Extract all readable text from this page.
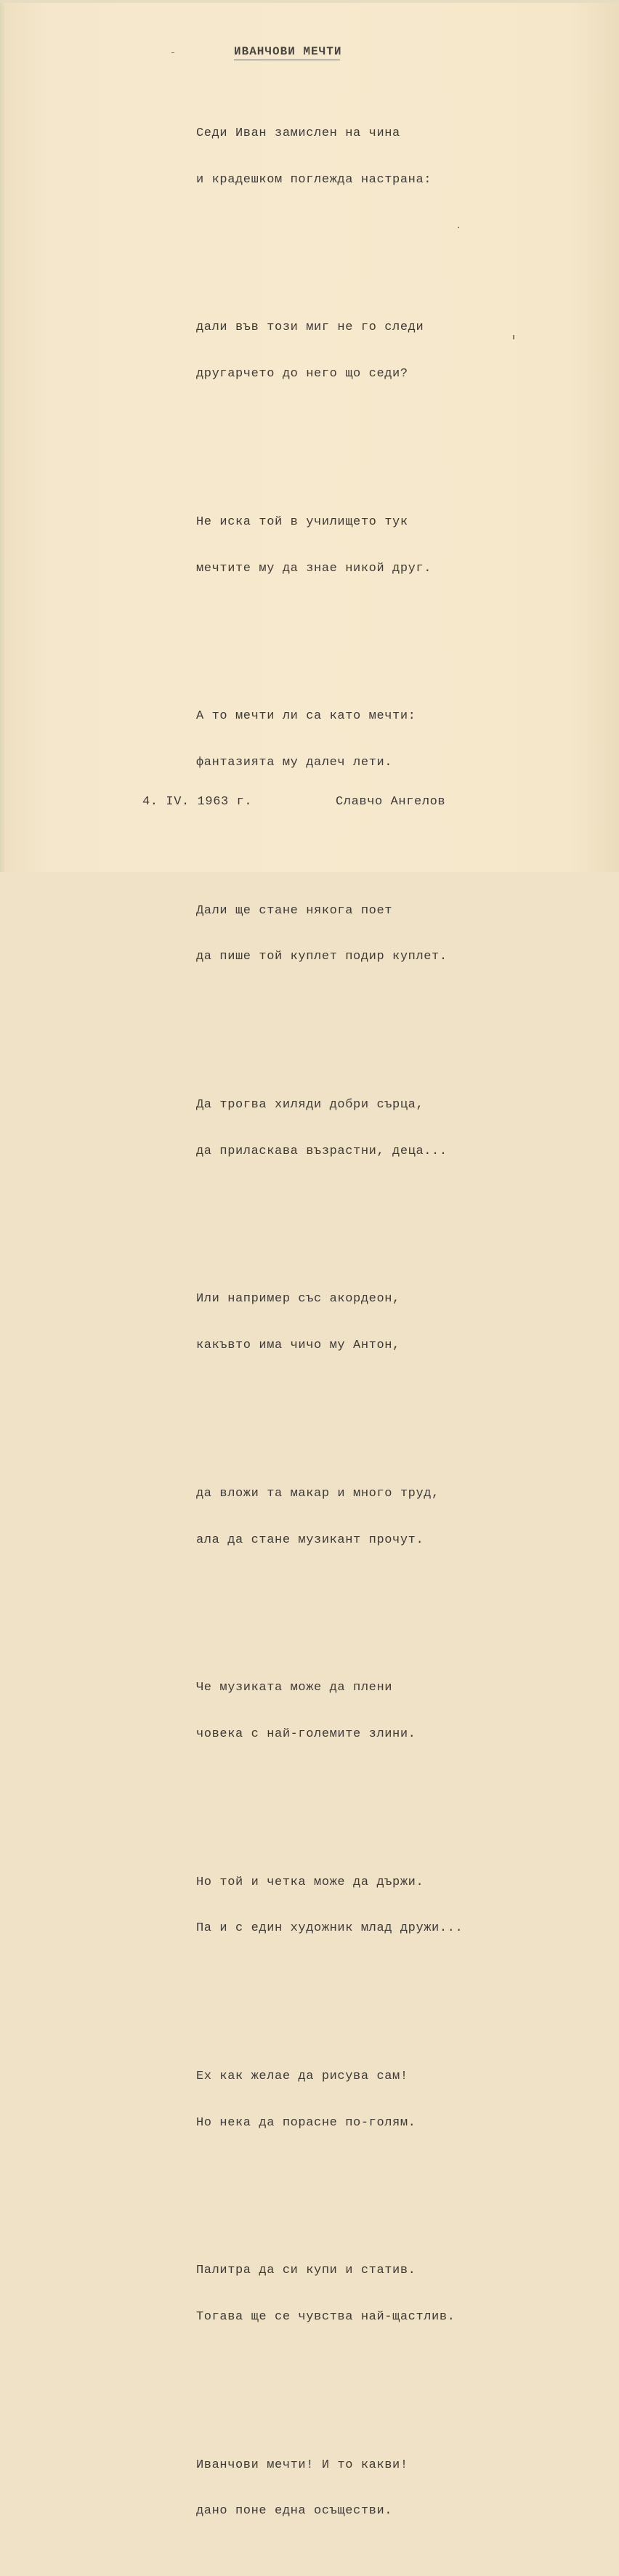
ИВАНЧОВИ МЕЧТИ

Седи Иван замислен на чина

и крадешком поглежда настрана:

дали във този миг не го следи

другарчето до него що седи?

Не иска той в училището тук

мечтите му да знае никой друг.

А то мечти ли са като мечти:

фантазията му далеч лети.

Дали ще стане някога поет

да пише той куплет подир куплет.

Да трогва хиляди добри сърца,

да приласкава възрастни, деца...

Или например със акордеон,

какъвто има чичо му Антон,

да вложи та макар и много труд,

ала да стане музикант прочут.

Че музиката може да плени

човека с най-големите злини.

Но той и четка може да държи.

Па и с един художник млад дружи...

Ех как желае да рисува сам!

Но нека да порасне по-голям.

Палитра да си купи и статив.

Тогава ще се чувства най-щастлив.

Иванчови мечти! И то какви!

дано поне една осъществи.

4. IV. 1963 г.	Славчо Ангелов
